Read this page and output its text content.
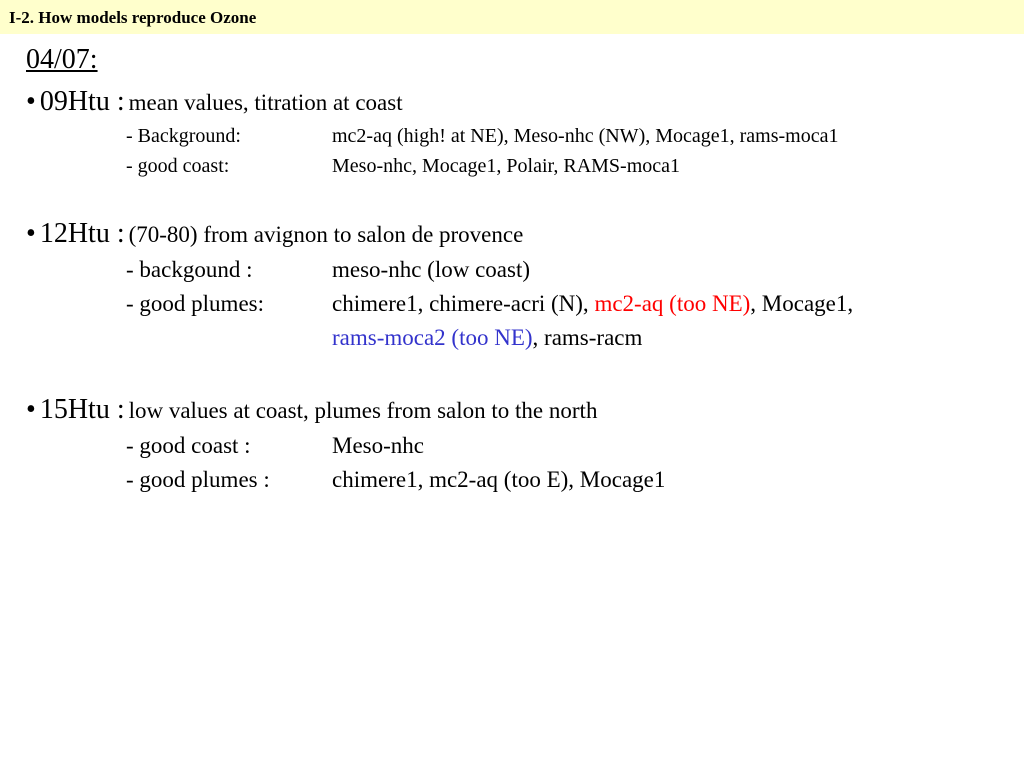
I-2. How models reproduce Ozone
04/07:
• 09Htu : mean values, titration at coast
- Background:	mc2-aq (high! at NE), Meso-nhc (NW), Mocage1, rams-moca1
- good coast:	Meso-nhc, Mocage1, Polair, RAMS-moca1
• 12Htu : (70-80) from avignon to salon de provence
- backgound :	meso-nhc (low coast)
- good plumes:	chimere1, chimere-acri (N), mc2-aq (too NE), Mocage1,
rams-moca2 (too NE), rams-racm
• 15Htu : low values at coast, plumes from salon to the north
- good coast :	Meso-nhc
- good plumes :	chimere1, mc2-aq (too E), Mocage1
